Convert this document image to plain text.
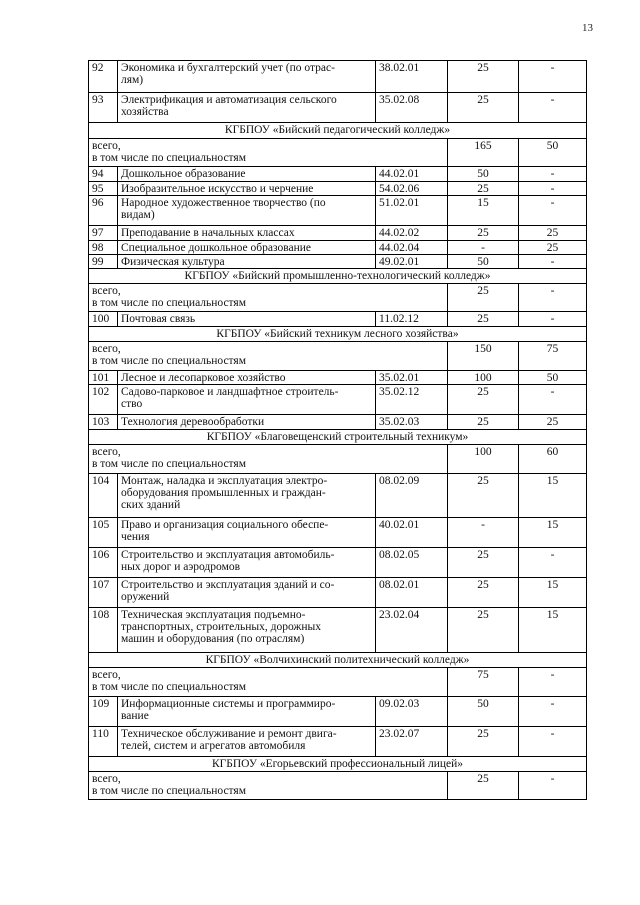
13
92	Экономика и бухгалтерский учет (по отрас-
лям)	38.02.01	25	-
93	Электрификация и автоматизация сельского
хозяйства	35.02.08	25	-
КГБПОУ «Бийский педагогический колледж»				
всего,
в том числе по специальностям			165	50
94	Дошкольное образование	44.02.01	50	-
95	Изобразительное искусство и черчение	54.02.06	25	-
96	Народное художественное творчество (по
видам)	51.02.01	15	-
97	Преподавание в начальных классах	44.02.02	25	25
98	Специальное дошкольное образование	44.02.04	-	25
99	Физическая культура	49.02.01	50	-
КГБПОУ «Бийский промышленно-технологический колледж»				
всего,
в том числе по специальностям			25	-
100	Почтовая связь	11.02.12	25	-
КГБПОУ «Бийский техникум лесного хозяйства»				
всего,
в том числе по специальностям			150	75
101	Лесное и лесопарковое хозяйство	35.02.01	100	50
102	Садово-парковое и ландшафтное строитель-
ство	35.02.12	25	-
103	Технология деревообработки	35.02.03	25	25
КГБПОУ «Благовещенский строительный техникум»				
всего,
в том числе по специальностям			100	60
104	Монтаж, наладка и эксплуатация электро-
оборудования промышленных и граждан-
ских зданий	08.02.09	25	15
105	Право и организация социального обеспе-
чения	40.02.01	-	15
106	Строительство и эксплуатация автомобиль-
ных дорог и аэродромов	08.02.05	25	-
107	Строительство и эксплуатация зданий и со-
оружений	08.02.01	25	15
108	Техническая эксплуатация подъемно-
транспортных, строительных, дорожных
машин и оборудования (по отраслям)	23.02.04	25	15
КГБПОУ «Волчихинский политехнический колледж»				
всего,
в том числе по специальностям			75	-
109	Информационные системы и программиро-
вание	09.02.03	50	-
110	Техническое обслуживание и ремонт двига-
телей, систем и агрегатов автомобиля	23.02.07	25	-
КГБПОУ «Егорьевский профессиональный лицей»				
всего,
в том числе по специальностям			25	-
